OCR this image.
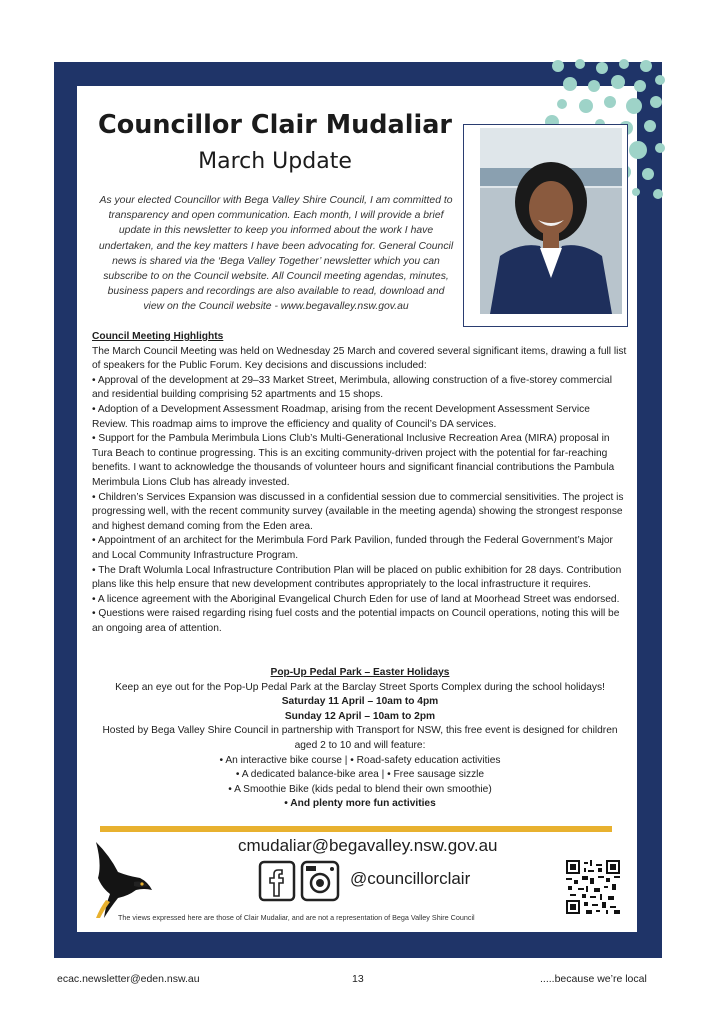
Councillor Clair Mudaliar
March Update

As your elected Councillor with Bega Valley Shire Council, I am committed to transparency and open communication. Each month, I will provide a brief update in this newsletter to keep you informed about the work I have undertaken, and the key matters I have been advocating for. General Council news is shared via the ‘Bega Valley Together’ newsletter which you can subscribe to on the Council website. All Council meeting agendas, minutes, business papers and recordings are also available to read, download and view on the Council website - www.begavalley.nsw.gov.au

Council Meeting Highlights
The March Council Meeting was held on Wednesday 25 March and covered several significant items, drawing a full list of speakers for the Public Forum. Key decisions and discussions included:
• Approval of the development at 29–33 Market Street, Merimbula, allowing construction of a five-storey commercial and residential building comprising 52 apartments and 15 shops.
• Adoption of a Development Assessment Roadmap, arising from the recent Development Assessment Service Review. This roadmap aims to improve the efficiency and quality of Council’s DA services.
• Support for the Pambula Merimbula Lions Club’s Multi-Generational Inclusive Recreation Area (MIRA) proposal in Tura Beach to continue progressing. This is an exciting community-driven project with the potential for far-reaching benefits. I want to acknowledge the thousands of volunteer hours and significant financial contributions the Pambula Merimbula Lions Club has already invested.
• Children’s Services Expansion was discussed in a confidential session due to commercial sensitivities. The project is progressing well, with the recent community survey (available in the meeting agenda) showing the strongest response and highest demand coming from the Eden area.
• Appointment of an architect for the Merimbula Ford Park Pavilion, funded through the Federal Government’s Major and Local Community Infrastructure Program.
• The Draft Wolumla Local Infrastructure Contribution Plan will be placed on public exhibition for 28 days. Contribution plans like this help ensure that new development contributes appropriately to the local infrastructure it requires.
• A licence agreement with the Aboriginal Evangelical Church Eden for use of land at Moorhead Street was endorsed.
• Questions were raised regarding rising fuel costs and the potential impacts on Council operations, noting this will be an ongoing area of attention.
Pop-Up Pedal Park – Easter Holidays
Keep an eye out for the Pop-Up Pedal Park at the Barclay Street Sports Complex during the school holidays!
Saturday 11 April – 10am to 4pm
Sunday 12 April – 10am to 2pm
Hosted by Bega Valley Shire Council in partnership with Transport for NSW, this free event is designed for children aged 2 to 10 and will feature:
• An interactive bike course | • Road-safety education activities
• A dedicated balance-bike area | • Free sausage sizzle
• A Smoothie Bike (kids pedal to blend their own smoothie)
• And plenty more fun activities
cmudaliar@begavalley.nsw.gov.au
@councillorclair
The views expressed here are those of Clair Mudaliar, and are not a representation of Bega Valley Shire Council
ecac.newsletter@eden.nsw.au	13	.....because we’re local
